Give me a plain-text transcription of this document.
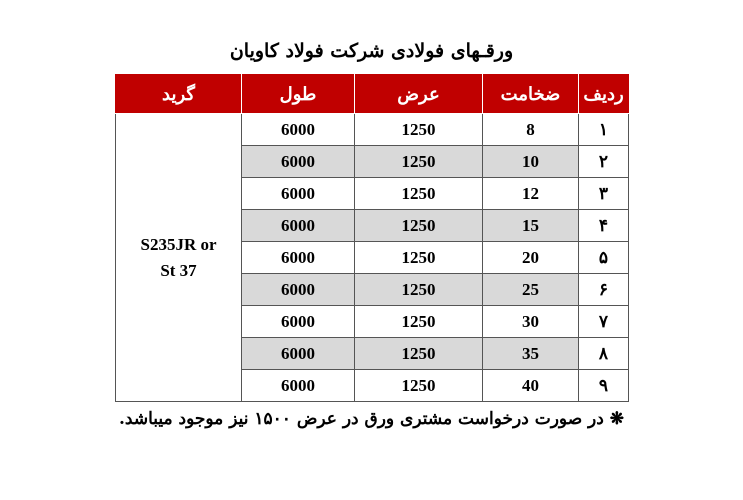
ورقـهای فولادی شرکت فولاد کاویان
ردیف	ضخامت	عرض	طول	گرید
۱	8	1250	6000	S235JR or
St 37
۲	10	1250	6000	
۳	12	1250	6000	
۴	15	1250	6000	
۵	20	1250	6000	
۶	25	1250	6000	
۷	30	1250	6000	
۸	35	1250	6000	
۹	40	1250	6000	
❋ در صورت درخواست مشتری ورق در عرض ۱۵۰۰ نیز موجود میباشد.
